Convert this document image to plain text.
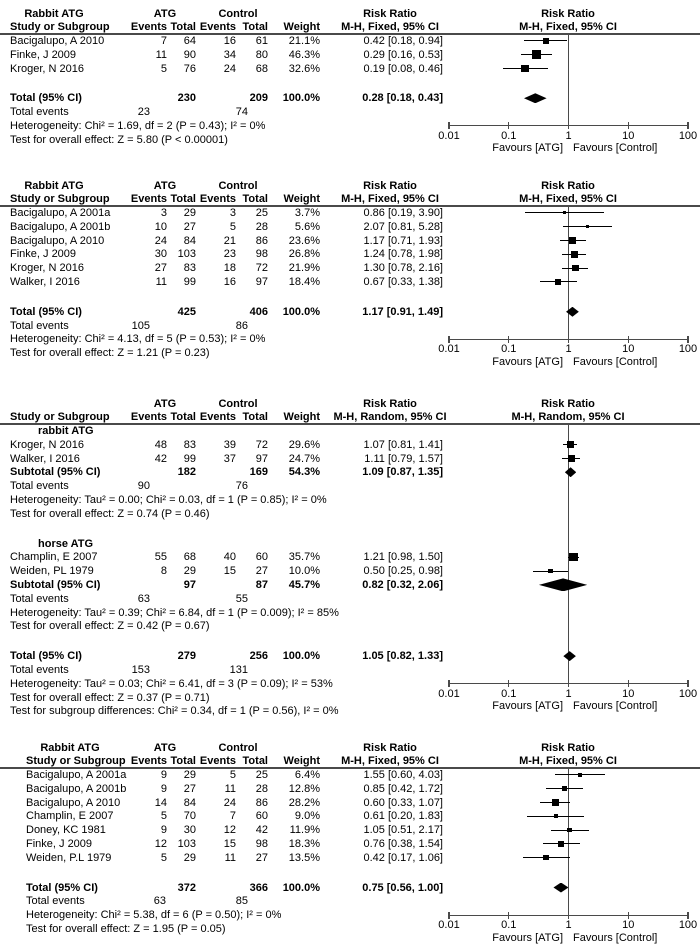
Rabbit ATG	ATG	Control	Risk Ratio	Risk Ratio
Study or Subgroup	Events Total Events Total	Weight	M-H, Fixed, 95% CI	M-H, Fixed, 95% CI
Bacigalupo, A 2010	7	64	16	61	21.1%	0.42 [0.18, 0.94]
Finke, J 2009	11	90	34	80	46.3%	0.29 [0.16, 0.53]
Kroger, N 2016	5	76	24	68	32.6%	0.19 [0.08, 0.46]
Total (95% CI)	230	209	100.0%	0.28 [0.18, 0.43]
Total events	23	74
Heterogeneity: Chi² = 1.69, df = 2 (P = 0.43); I² = 0%
Test for overall effect: Z = 5.80 (P < 0.00001)	0.01	0.1	1	10	100
Favours [ATG] Favours [Control]
Rabbit ATG	ATG	Control	Risk Ratio	Risk Ratio
Study or Subgroup	Events Total Events Total	Weight	M-H, Fixed, 95% CI	M-H, Fixed, 95% CI
Bacigalupo, A 2001a	3	29	3	25	3.7%	0.86 [0.19, 3.90]
Bacigalupo, A 2001b	10	27	5	28	5.6%	2.07 [0.81, 5.28]
Bacigalupo, A 2010	24	84	21	86	23.6%	1.17 [0.71, 1.93]
Finke, J 2009	30 103	23	98	26.8%	1.24 [0.78, 1.98]
Kroger, N 2016	27	83	18	72	21.9%	1.30 [0.78, 2.16]
Walker, I 2016	11	99	16	97	18.4%	0.67 [0.33, 1.38]
Total (95% CI)	425	406	100.0%	1.17 [0.91, 1.49]
Total events	105	86
Heterogeneity: Chi² = 4.13, df = 5 (P = 0.53); I² = 0%
Test for overall effect: Z = 1.21 (P = 0.23)	0.01	0.1	1	10	100
Favours [ATG] Favours [Control]
ATG	Control	Risk Ratio	Risk Ratio
Study or Subgroup	Events Total Events Total	Weight	M-H, Random, 95% CI	M-H, Random, 95% CI
rabbit ATG
Kroger, N 2016	48	83	39	72	29.6%	1.07 [0.81, 1.41]
Walker, I 2016	42	99	37	97	24.7%	1.11 [0.79, 1.57]
Subtotal (95% CI)	182	169	54.3%	1.09 [0.87, 1.35]
Total events	90	76
Heterogeneity: Tau² = 0.00; Chi² = 0.03, df = 1 (P = 0.85); I² = 0%
Test for overall effect: Z = 0.74 (P = 0.46)
horse ATG
Champlin, E 2007	55	68	40	60	35.7%	1.21 [0.98, 1.50]
Weiden, PL 1979	8	29	15	27	10.0%	0.50 [0.25, 0.98]
Subtotal (95% CI)	97	87	45.7%	0.82 [0.32, 2.06]
Total events	63	55
Heterogeneity: Tau² = 0.39; Chi² = 6.84, df = 1 (P = 0.009); I² = 85%
Test for overall effect: Z = 0.42 (P = 0.67)
Total (95% CI)	279	256	100.0%	1.05 [0.82, 1.33]
Total events	153	131
Heterogeneity: Tau² = 0.03; Chi² = 6.41, df = 3 (P = 0.09); I² = 53%
Test for overall effect: Z = 0.37 (P = 0.71)
Test for subgroup differences: Chi² = 0.34, df = 1 (P = 0.56), I² = 0%
0.01	0.1	1	10	100
Favours [ATG] Favours [Control]
Rabbit ATG	ATG	Control	Risk Ratio	Risk Ratio
Study or Subgroup Events Total Events Total	Weight	M-H, Fixed, 95% CI	M-H, Fixed, 95% CI
Bacigalupo, A 2001a	9	29	5	25	6.4%	1.55 [0.60, 4.03]
Bacigalupo, A 2001b	9	27	11	28	12.8%	0.85 [0.42, 1.72]
Bacigalupo, A 2010	14	84	24	86	28.2%	0.60 [0.33, 1.07]
Champlin, E 2007	5	70	7	60	9.0%	0.61 [0.20, 1.83]
Doney, KC 1981	9	30	12	42	11.9%	1.05 [0.51, 2.17]
Finke, J 2009	12 103	15	98	18.3%	0.76 [0.38, 1.54]
Weiden, P.L 1979	5	29	11	27	13.5%	0.42 [0.17, 1.06]
Total (95% CI)	372	366	100.0%	0.75 [0.56, 1.00]
Total events	63	85
Heterogeneity: Chi² = 5.38, df = 6 (P = 0.50); I² = 0%
Test for overall effect: Z = 1.95 (P = 0.05)	0.01	0.1	1	10	100
Favours [ATG] Favours [Control]
